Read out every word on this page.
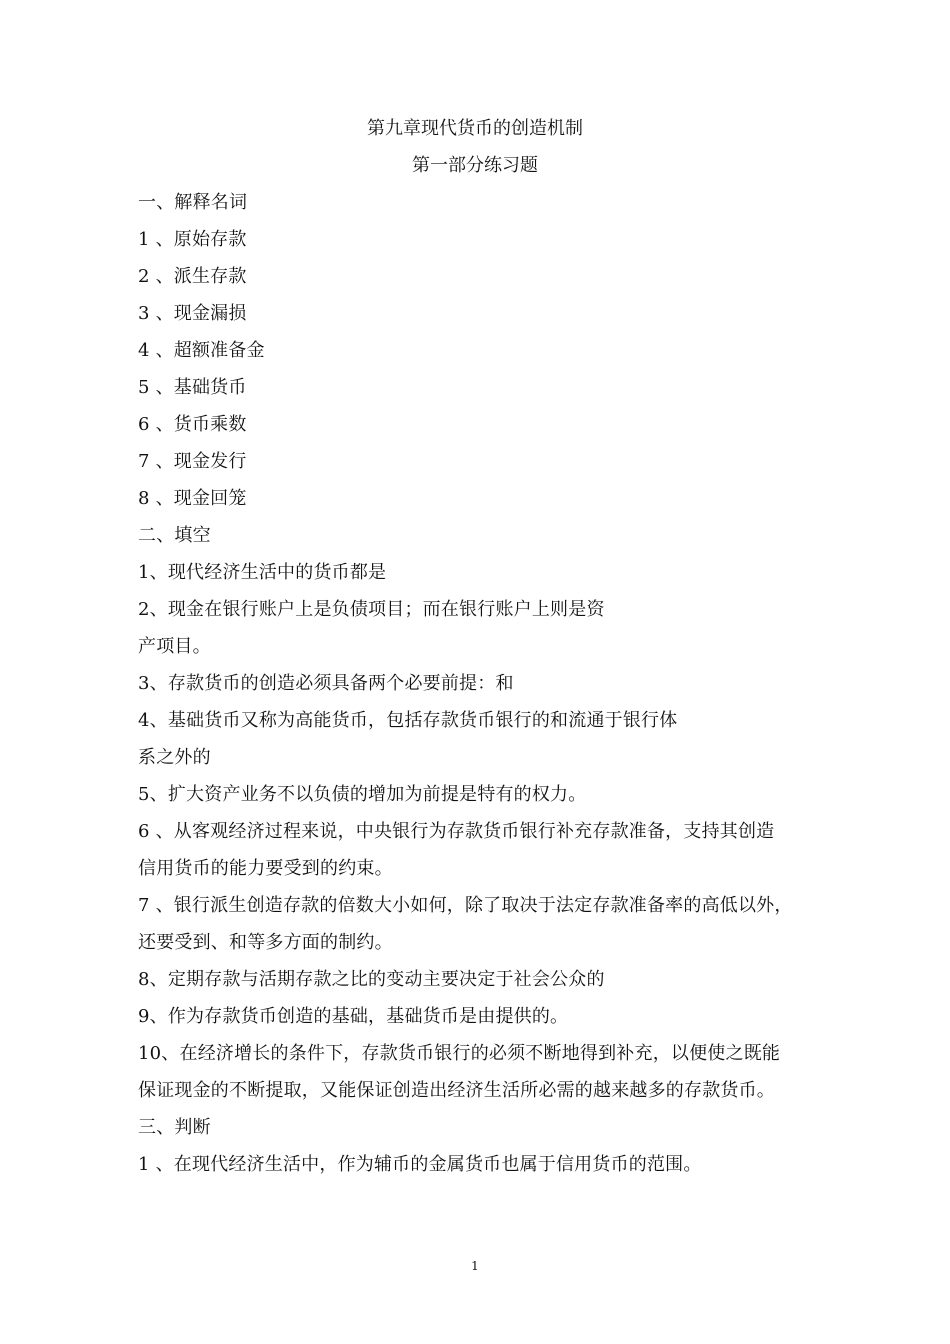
第九章现代货币的创造机制
第一部分练习题
一、解释名词
1 、原始存款
2 、派生存款
3 、现金漏损
4 、超额准备金
5 、基础货币
6 、货币乘数
7 、现金发行
8 、现金回笼
二、填空
1、现代经济生活中的货币都是
2、现金在银行账户上是负债项目；而在银行账户上则是资
产项目。
3、存款货币的创造必须具备两个必要前提：和
4、基础货币又称为高能货币，包括存款货币银行的和流通于银行体
系之外的
5、扩大资产业务不以负债的增加为前提是特有的权力。
6 、从客观经济过程来说，中央银行为存款货币银行补充存款准备，支持其创造
信用货币的能力要受到的约束。
7 、银行派生创造存款的倍数大小如何，除了取决于法定存款准备率的高低以外，
还要受到、和等多方面的制约。
8、定期存款与活期存款之比的变动主要决定于社会公众的
9、作为存款货币创造的基础，基础货币是由提供的。
10、在经济增长的条件下，存款货币银行的必须不断地得到补充，以便使之既能
保证现金的不断提取，又能保证创造出经济生活所必需的越来越多的存款货币。
三、判断
1 、在现代经济生活中，作为辅币的金属货币也属于信用货币的范围。
1
